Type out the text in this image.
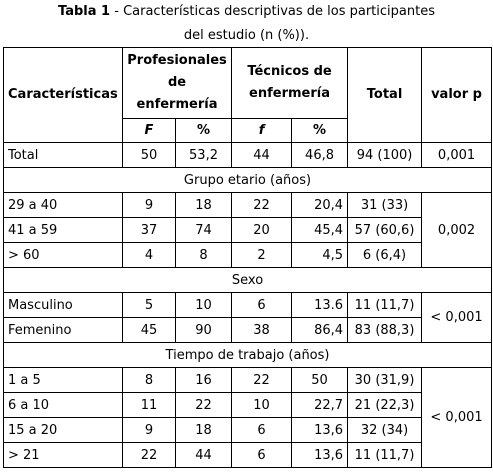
Tabla 1 - Características descriptivas de los participantes
del estudio (n (%)).
Características	Profesionales de enfermería		Técnicos de enfermería		Total	valor p
	F	%	f	%		
Total	50	53,2	44	46,8	94 (100)	0,001
Grupo etario (años)						
29 a 40	9	18	22	20,4	31 (33)	0,002
41 a 59	37	74	20	45,4	57 (60,6)	
> 60	4	8	2	4,5	6 (6,4)	
Sexo						
Masculino	5	10	6	13.6	11 (11,7)	< 0,001
Femenino	45	90	38	86,4	83 (88,3)	
Tiempo de trabajo (años)						
1 a 5	8	16	22	50	30 (31,9)	< 0,001
6 a 10	11	22	10	22,7	21 (22,3)	
15 a 20	9	18	6	13,6	32 (34)	
> 21	22	44	6	13,6	11 (11,7)	
